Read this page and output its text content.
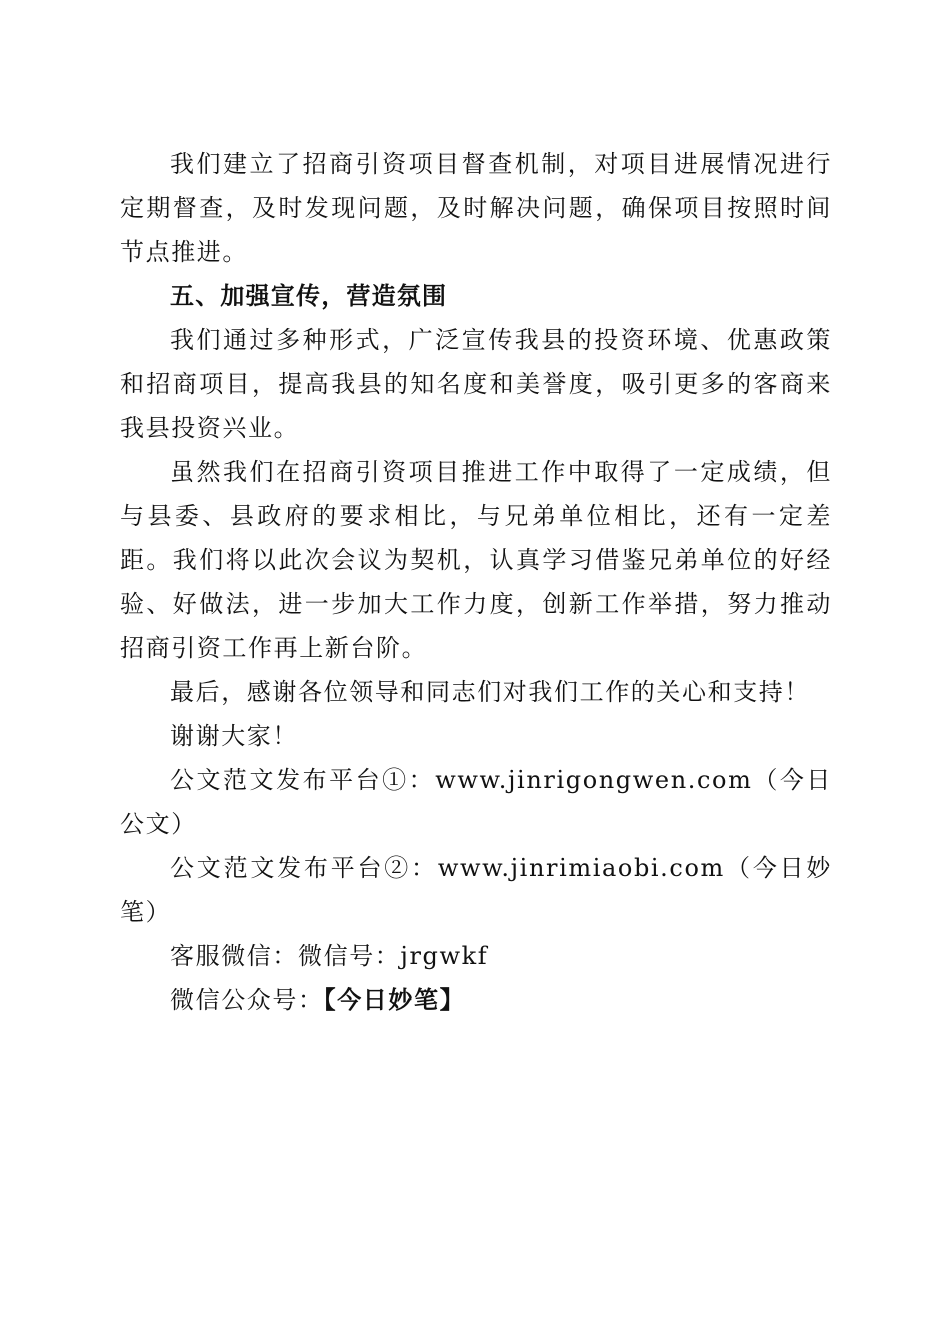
我们建立了招商引资项目督查机制，对项目进展情况进行定期督查，及时发现问题，及时解决问题，确保项目按照时间节点推进。

五、加强宣传，营造氛围

我们通过多种形式，广泛宣传我县的投资环境、优惠政策和招商项目，提高我县的知名度和美誉度，吸引更多的客商来我县投资兴业。

虽然我们在招商引资项目推进工作中取得了一定成绩，但与县委、县政府的要求相比，与兄弟单位相比，还有一定差距。我们将以此次会议为契机，认真学习借鉴兄弟单位的好经验、好做法，进一步加大工作力度，创新工作举措，努力推动招商引资工作再上新台阶。

最后，感谢各位领导和同志们对我们工作的关心和支持！

谢谢大家！

公文范文发布平台①：www.jinrigongwen.com（今日公文）

公文范文发布平台②：www.jinrimiaobi.com（今日妙笔）

客服微信：微信号：jrgwkf

微信公众号：【今日妙笔】
